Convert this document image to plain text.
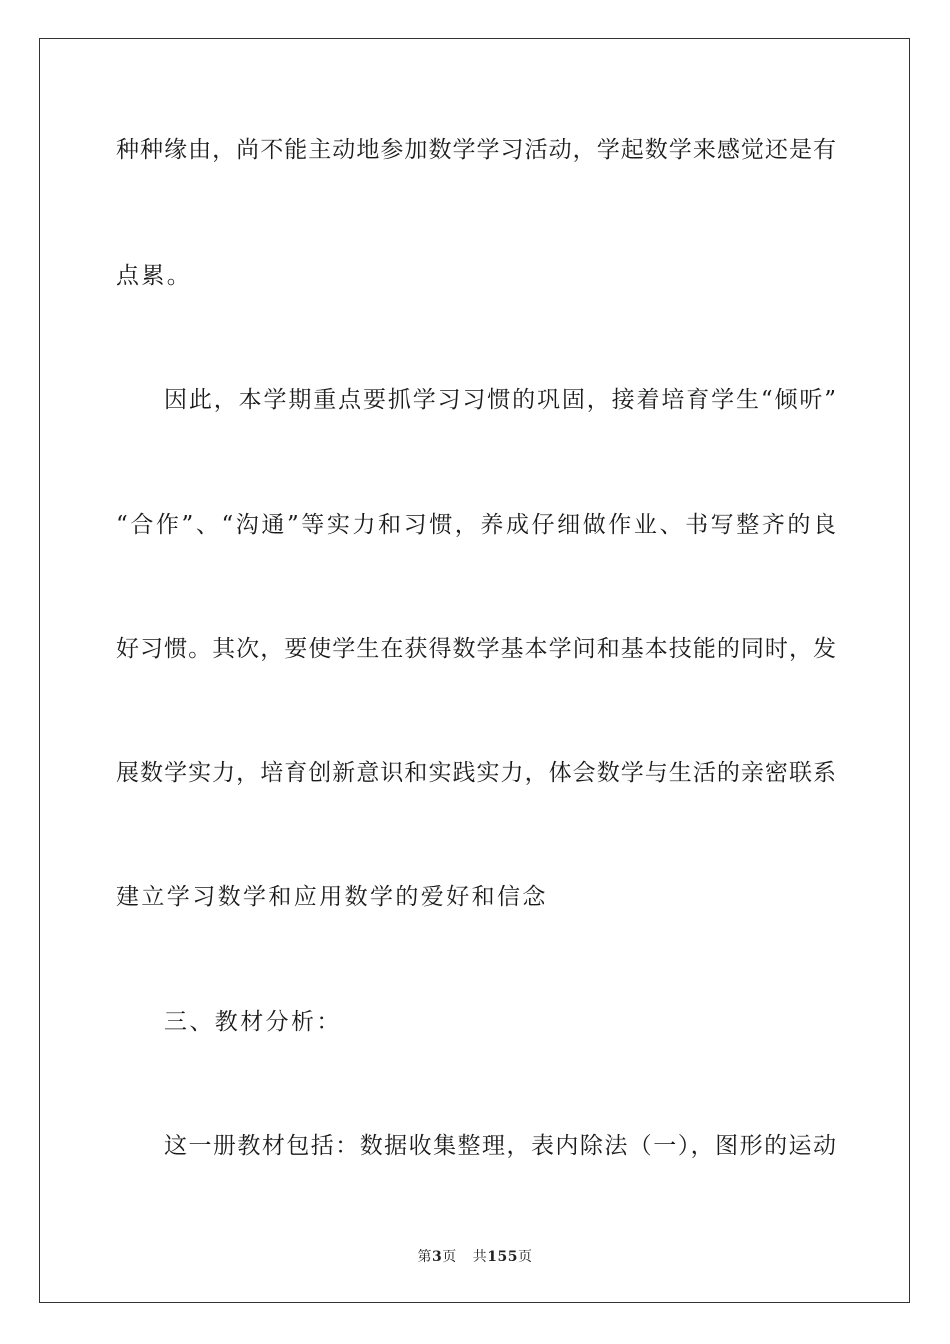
种种缘由，尚不能主动地参加数学学习活动，学起数学来感觉还是有
点累。
因此，本学期重点要抓学习习惯的巩固，接着培育学生“倾听”
“合作”、“沟通”等实力和习惯，养成仔细做作业、书写整齐的良
好习惯。其次，要使学生在获得数学基本学问和基本技能的同时，发
展数学实力，培育创新意识和实践实力，体会数学与生活的亲密联系
建立学习数学和应用数学的爱好和信念
三、教材分析：
这一册教材包括：数据收集整理，表内除法（一），图形的运动
第3页 共155页
